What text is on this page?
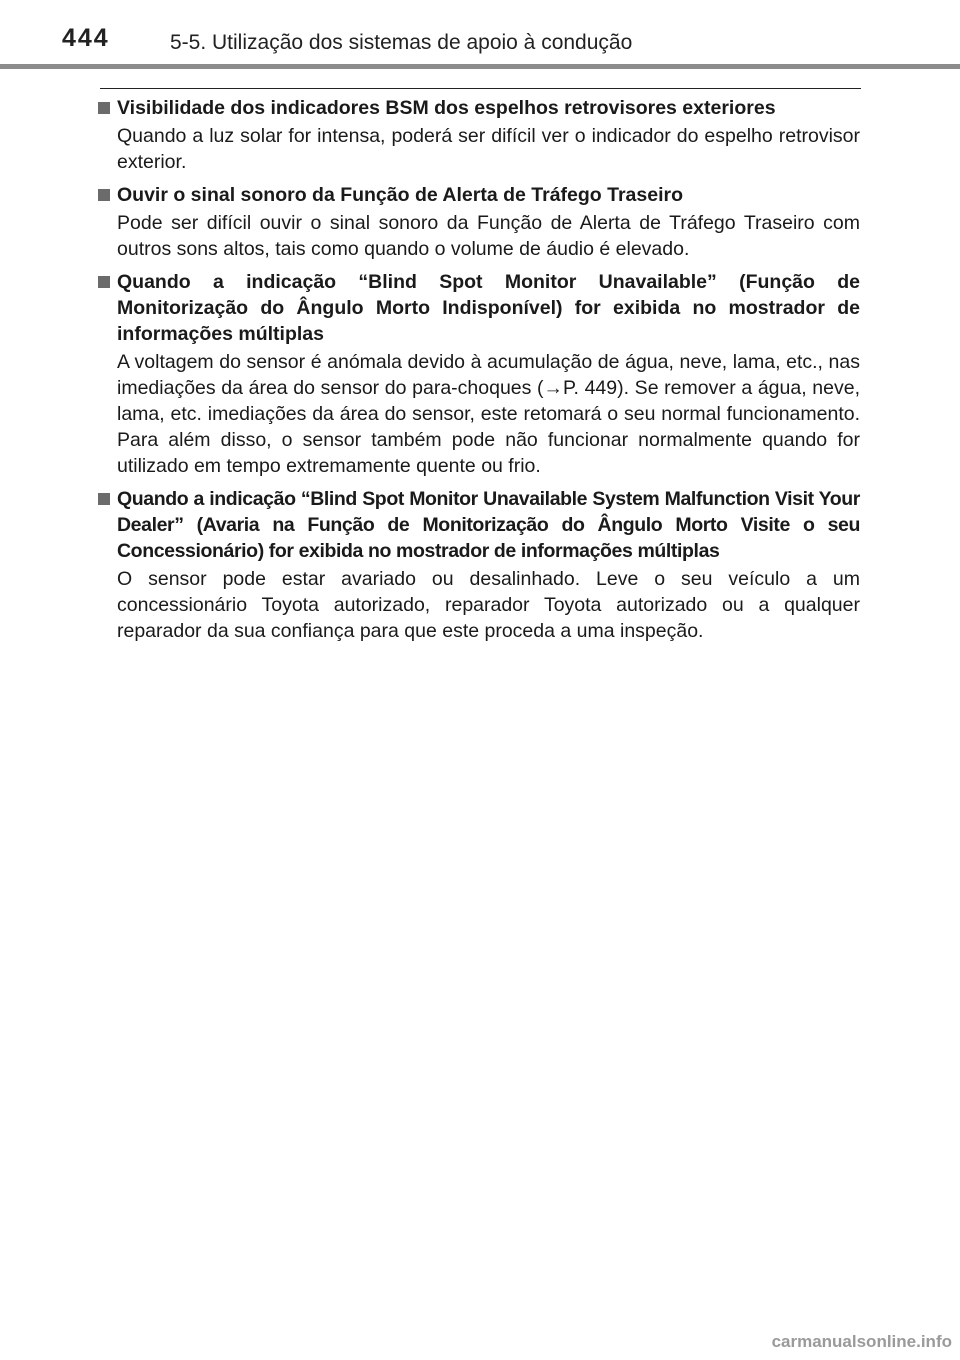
444	5-5. Utilização dos sistemas de apoio à condução
Visibilidade dos indicadores BSM dos espelhos retrovisores exteriores
Quando a luz solar for intensa, poderá ser difícil ver o indicador do espelho retrovisor exterior.
Ouvir o sinal sonoro da Função de Alerta de Tráfego Traseiro
Pode ser difícil ouvir o sinal sonoro da Função de Alerta de Tráfego Traseiro com outros sons altos, tais como quando o volume de áudio é elevado.
Quando a indicação “Blind Spot Monitor Unavailable” (Função de Monitorização do Ângulo Morto Indisponível) for exibida no mostrador de informações múltiplas
A voltagem do sensor é anómala devido à acumulação de água, neve, lama, etc., nas imediações da área do sensor do para-choques (→P. 449). Se remover a água, neve, lama, etc. imediações da área do sensor, este retomará o seu normal funcionamento. Para além disso, o sensor também pode não funcionar normalmente quando for utilizado em tempo extremamente quente ou frio.
Quando a indicação “Blind Spot Monitor Unavailable System Malfunction Visit Your Dealer” (Avaria na Função de Monitorização do Ângulo Morto Visite o seu Concessionário) for exibida no mostrador de informações múltiplas
O sensor pode estar avariado ou desalinhado. Leve o seu veículo a um concessionário Toyota autorizado, reparador Toyota autorizado ou a qualquer reparador da sua confiança para que este proceda a uma inspeção.
carmanualsonline.info
